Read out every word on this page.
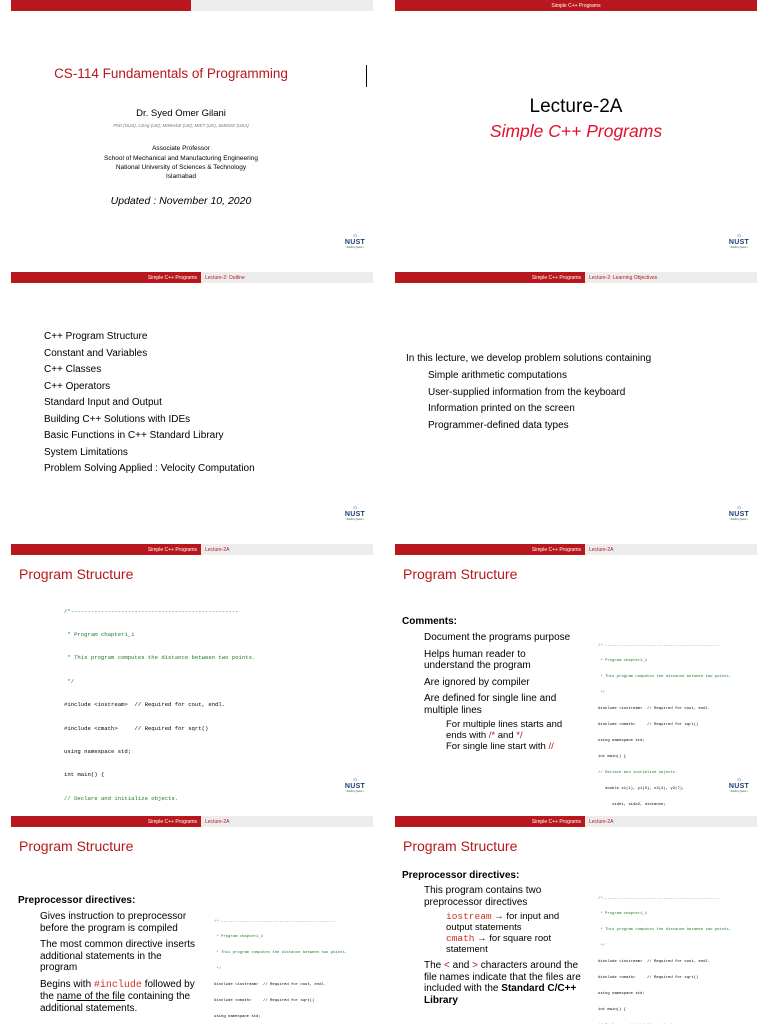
CS-114 Fundamentals of Programming
Dr. Syed Omer Gilani
PhD (NUS), CEng (UK), MIMechE (UK), MIET (UK), SMIEEE (USA)
Associate Professor
School of Mechanical and Manufacturing Engineering
National University of Sciences & Technology
Islamabad
Updated : November 10, 2020
⌂
NUST
Building Nation
Simple C++ Programs
Lecture-2A
Simple C++ Programs
⌂
NUST
Building Nation
Simple C++ Programs	Lecture-2: Outline
C++ Program Structure
Constant and Variables
C++ Classes
C++ Operators
Standard Input and Output
Building C++ Solutions with IDEs
Basic Functions in C++ Standard Library
System Limitations
Problem Solving Applied : Velocity Computation
⌂
NUST
Building Nation
Simple C++ Programs	Lecture-2: Learning Objectives
In this lecture, we develop problem solutions containing
Simple arithmetic computations
User-supplied information from the keyboard
Information printed on the screen
Programmer-defined data types
⌂
NUST
Building Nation
Simple C++ Programs	Lecture-2A
Program Structure

/*--------------------------------------------------

* Program chapter1_1

* This program computes the distance between two points.

*/

#include <iostream>  // Required for cout, endl.

#include <cmath>     // Required for sqrt()

using namespace std;

int main() {

// Declare and initialize objects.

⌂
NUST
Building Nation
Simple C++ Programs	Lecture-2A
Program Structure
Comments:
Document the programs purpose
Helps human reader to understand the program
Are ignored by compiler
Are defined for single line and multiple lines
For multiple lines starts and ends with /* and */
For single line start with //

/*--------------------------------------------------

* Program chapter1_1

* This program computes the distance between two points.

*/

#include <iostream>  // Required for cout, endl.

#include <cmath>     // Required for sqrt()

using namespace std;

int main() {

// Declare and initialize objects.

double x1(1), y1(5), x2(4), y2(7),

side1, side2, distance;

⌂
NUST
Building Nation
Simple C++ Programs	Lecture-2A
Program Structure
Preprocessor directives:
Gives instruction to preprocessor before the program is compiled
The most common directive inserts additional statements in the program
Begins with #include followed by the name of the file containing the additional statements.

/*--------------------------------------------------

* Program chapter1_1

* This program computes the distance between two points.

*/

#include <iostream>  // Required for cout, endl.

#include <cmath>     // Required for sqrt()

using namespace std;

Simple C++ Programs	Lecture-2A
Program Structure
Preprocessor directives:
This program contains two preprocessor directives
iostream → for input and output statements
cmath → for square root statement
The < and > characters around the file names indicate that the files are included with the Standard C/C++ Library

/*--------------------------------------------------

* Program chapter1_1

* This program computes the distance between two points.

*/

#include <iostream>  // Required for cout, endl.

#include <cmath>     // Required for sqrt()

using namespace std;

int main() {
